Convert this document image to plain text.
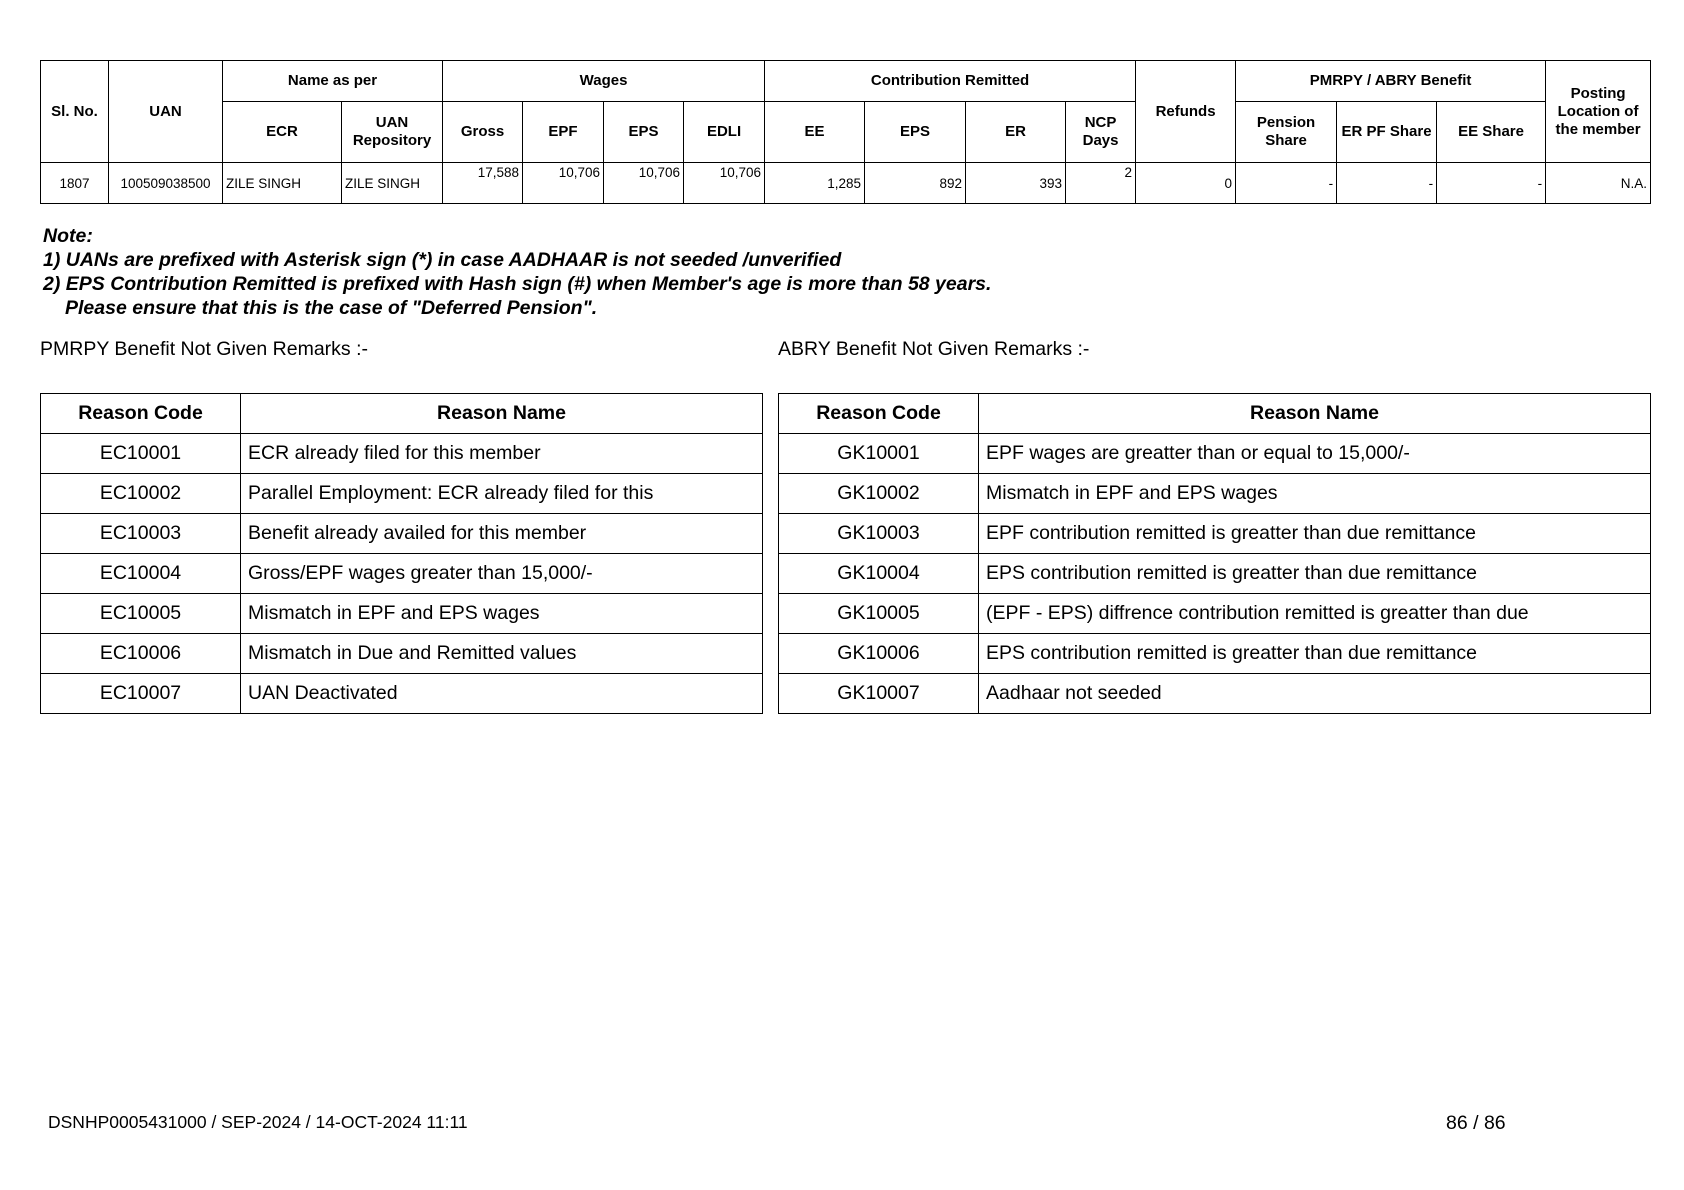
Sl. No.	UAN	Name as per		Wages				Contribution Remitted				Refunds	PMRPY / ABRY Benefit			Posting Location of the member
		ECR	UAN Repository	Gross	EPF	EPS	EDLI	EE	EPS	ER	NCP Days		Pension Share	ER PF Share	EE Share	
1807	100509038500	ZILE SINGH	ZILE SINGH	17,588	10,706	10,706	10,706	1,285	892	393	2	0	-	-	-	N.A.
Note:
1) UANs are prefixed with Asterisk sign (*) in case AADHAAR is not seeded /unverified
2) EPS Contribution Remitted is prefixed with Hash sign (#) when Member's age is more than 58 years.
Please ensure that this is the case of "Deferred Pension".
PMRPY Benefit Not Given Remarks :-	ABRY Benefit Not Given Remarks :-
Reason Code	Reason Name
EC10001	ECR already filed for this member
EC10002	Parallel Employment: ECR already filed for this
EC10003	Benefit already availed for this member
EC10004	Gross/EPF wages greater than 15,000/-
EC10005	Mismatch in EPF and EPS wages
EC10006	Mismatch in Due and Remitted values
EC10007	UAN Deactivated
Reason Code	Reason Name
GK10001	EPF wages are greatter than or equal to 15,000/-
GK10002	Mismatch in EPF and EPS wages
GK10003	EPF contribution remitted is greatter than due remittance
GK10004	EPS contribution remitted is greatter than due remittance
GK10005	(EPF - EPS) diffrence contribution remitted is greatter than due
GK10006	EPS contribution remitted is greatter than due remittance
GK10007	Aadhaar not seeded
DSNHP0005431000 / SEP-2024 / 14-OCT-2024 11:11	86 / 86
